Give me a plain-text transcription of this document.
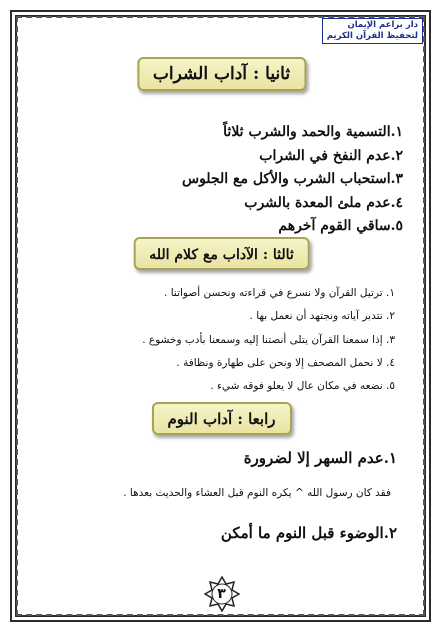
دار براعم الإيمان
لتحفيظ القرآن الكريم
ثانيا : آداب الشراب
١.التسمية والحمد والشرب ثلاثاً
٢.عدم النفخ في الشراب
٣.استحباب الشرب والأكل مع الجلوس
٤.عدم ملئ المعدة بالشرب
٥.ساقي القوم آخرهم
ثالثا : الآداب مع كلام الله
١. ترتيل القرآن ولا نسرع في قراءته ونحسن أصواتنا .
٢. نتدبر آياته ونجتهد أن نعمل بها .
٣. إذا سمعنا القرآن يتلى أنصتنا إليه وسمعنا بأدب وخشوع .
٤. لا نحمل المصحف إلا ونحن على طهارة ونظافة .
٥. نضعه في مكان عال لا يعلو فوقه شيء .
رابعا : آداب النوم
١.عدم السهر إلا لضرورة
فقد كان رسول الله ^ يكره النوم قبل العشاء والحديث بعدها .
٢.الوضوء قبل النوم ما أمكن
٣
